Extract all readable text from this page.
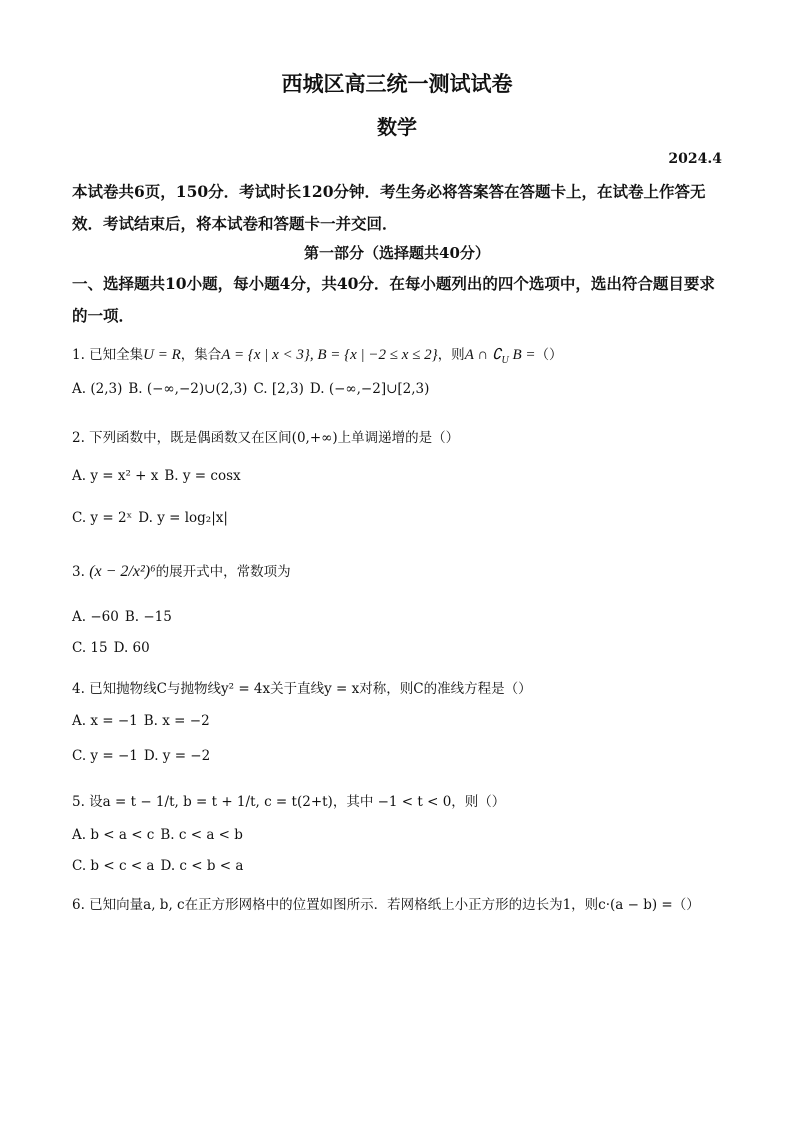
西城区高三统一测试试卷
数学
2024.4
本试卷共6页，150分．考试时长120分钟．考生务必将答案答在答题卡上，在试卷上作答无效．考试结束后，将本试卷和答题卡一并交回．
第一部分（选择题共40分）
一、选择题共10小题，每小题4分，共40分．在每小题列出的四个选项中，选出符合题目要求的一项．
1. 已知全集U = R，集合A = {x | x < 3}, B = {x | −2 ≤ x ≤ 2}，则A ∩ $∁_U$ B =（）
A. (2,3) B. (−∞,−2)∪(2,3) C. [2,3) D. (−∞,−2]∪[2,3)
2. 下列函数中，既是偶函数又在区间(0,+∞)上单调递增的是（）
A. y = x² + x B. y = cosx
C. y = 2ˣ D. y = log₂|x|
3. (x − 2/x²)⁶的展开式中，常数项为
A. −60 B. −15
C. 15 D. 60
4. 已知抛物线C与抛物线y² = 4x关于直线y = x对称，则C的准线方程是（）
A. x = −1 B. x = −2
C. y = −1 D. y = −2
5. 设a = t − 1/t, b = t + 1/t, c = t(2+t)，其中 −1 < t < 0，则（）
A. b < a < c B. c < a < b
C. b < c < a D. c < b < a
6. 已知向量a, b, c在正方形网格中的位置如图所示．若网格纸上小正方形的边长为1，则c·(a − b) =（）
